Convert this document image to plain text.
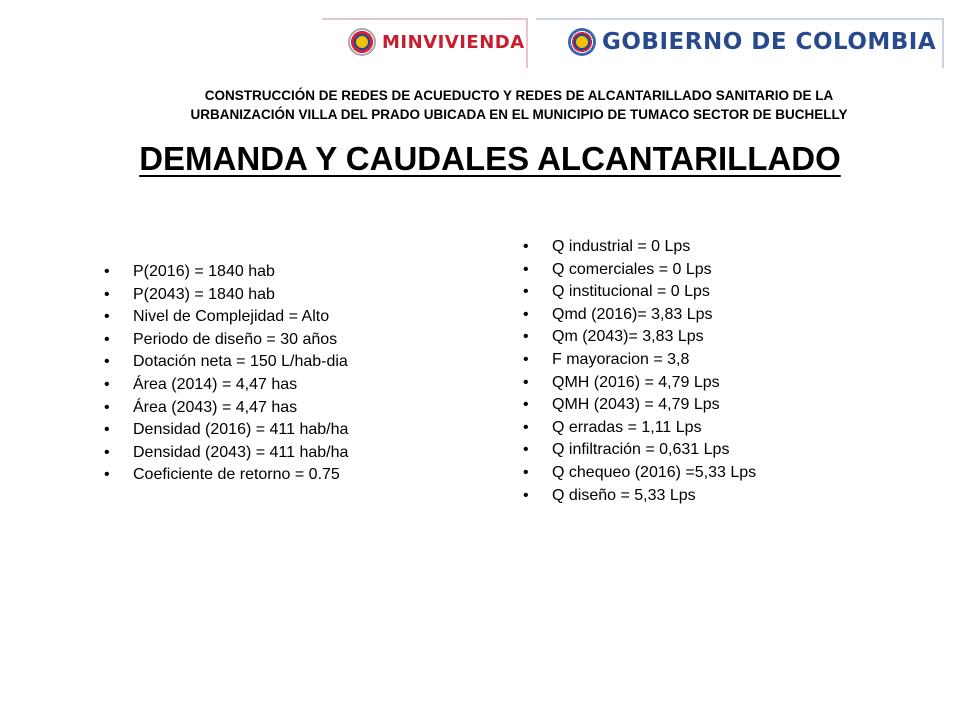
MINVIVIENDA	GOBIERNO DE COLOMBIA
CONSTRUCCIÓN DE REDES DE ACUEDUCTO Y REDES DE ALCANTARILLADO SANITARIO DE LA
URBANIZACIÓN VILLA DEL PRADO UBICADA EN EL MUNICIPIO DE TUMACO SECTOR DE BUCHELLY
DEMANDA Y CAUDALES ALCANTARILLADO
• P(2016) = 1840 hab
• P(2043) = 1840 hab
• Nivel de Complejidad = Alto
• Periodo de diseño = 30 años
• Dotación neta = 150 L/hab-dia
• Área (2014) = 4,47 has
• Área (2043) = 4,47 has
• Densidad (2016) = 411 hab/ha
• Densidad (2043) = 411 hab/ha
• Coeficiente de retorno = 0.75
• Q industrial = 0 Lps
• Q comerciales = 0 Lps
• Q institucional = 0 Lps
• Qmd (2016)= 3,83 Lps
• Qm (2043)= 3,83 Lps
• F mayoracion = 3,8
• QMH (2016) = 4,79 Lps
• QMH (2043) = 4,79 Lps
• Q erradas = 1,11 Lps
• Q infiltración = 0,631 Lps
• Q chequeo (2016) =5,33 Lps
• Q diseño = 5,33 Lps
